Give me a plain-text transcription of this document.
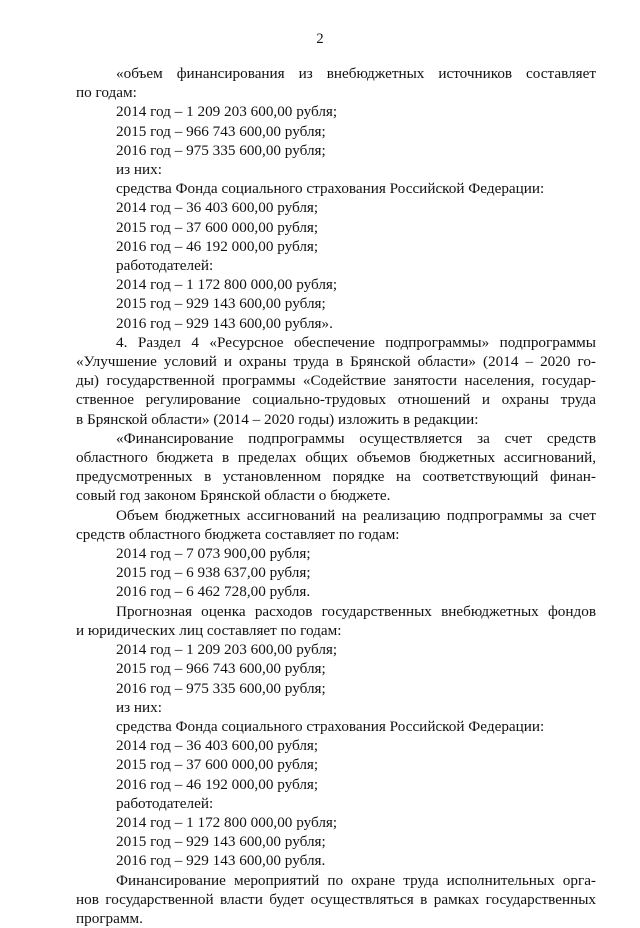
2

«объем финансирования из внебюджетных источников составляет

по годам:

2014 год – 1 209 203 600,00 рубля;

2015 год – 966 743 600,00 рубля;

2016 год – 975 335 600,00 рубля;

из них:

средства Фонда социального страхования Российской Федерации:

2014 год – 36 403 600,00 рубля;

2015 год – 37 600 000,00 рубля;

2016 год – 46 192 000,00 рубля;

работодателей:

2014 год – 1 172 800 000,00 рубля;

2015 год – 929 143 600,00 рубля;

2016 год – 929 143 600,00 рубля».

4. Раздел 4 «Ресурсное обеспечение подпрограммы» подпрограммы

«Улучшение условий и охраны труда в Брянской области» (2014 – 2020 го-

ды) государственной программы «Содействие занятости населения, государ-

ственное регулирование социально-трудовых отношений и охраны труда

в Брянской области» (2014 – 2020 годы) изложить в редакции:

«Финансирование подпрограммы осуществляется за счет средств

областного бюджета в пределах общих объемов бюджетных ассигнований,

предусмотренных в установленном порядке на соответствующий финан-

совый год законом Брянской области о бюджете.

Объем бюджетных ассигнований на реализацию подпрограммы за счет

средств областного бюджета составляет по годам:

2014 год – 7 073 900,00 рубля;

2015 год – 6 938 637,00 рубля;

2016 год – 6 462 728,00 рубля.

Прогнозная оценка расходов государственных внебюджетных фондов

и юридических лиц составляет по годам:

2014 год – 1 209 203 600,00 рубля;

2015 год – 966 743 600,00 рубля;

2016 год – 975 335 600,00 рубля;

из них:

средства Фонда социального страхования Российской Федерации:

2014 год – 36 403 600,00 рубля;

2015 год – 37 600 000,00 рубля;

2016 год – 46 192 000,00 рубля;

работодателей:

2014 год – 1 172 800 000,00 рубля;

2015 год – 929 143 600,00 рубля;

2016 год – 929 143 600,00 рубля.

Финансирование мероприятий по охране труда исполнительных орга-

нов государственной власти будет осуществляться в рамках государственных

программ.
